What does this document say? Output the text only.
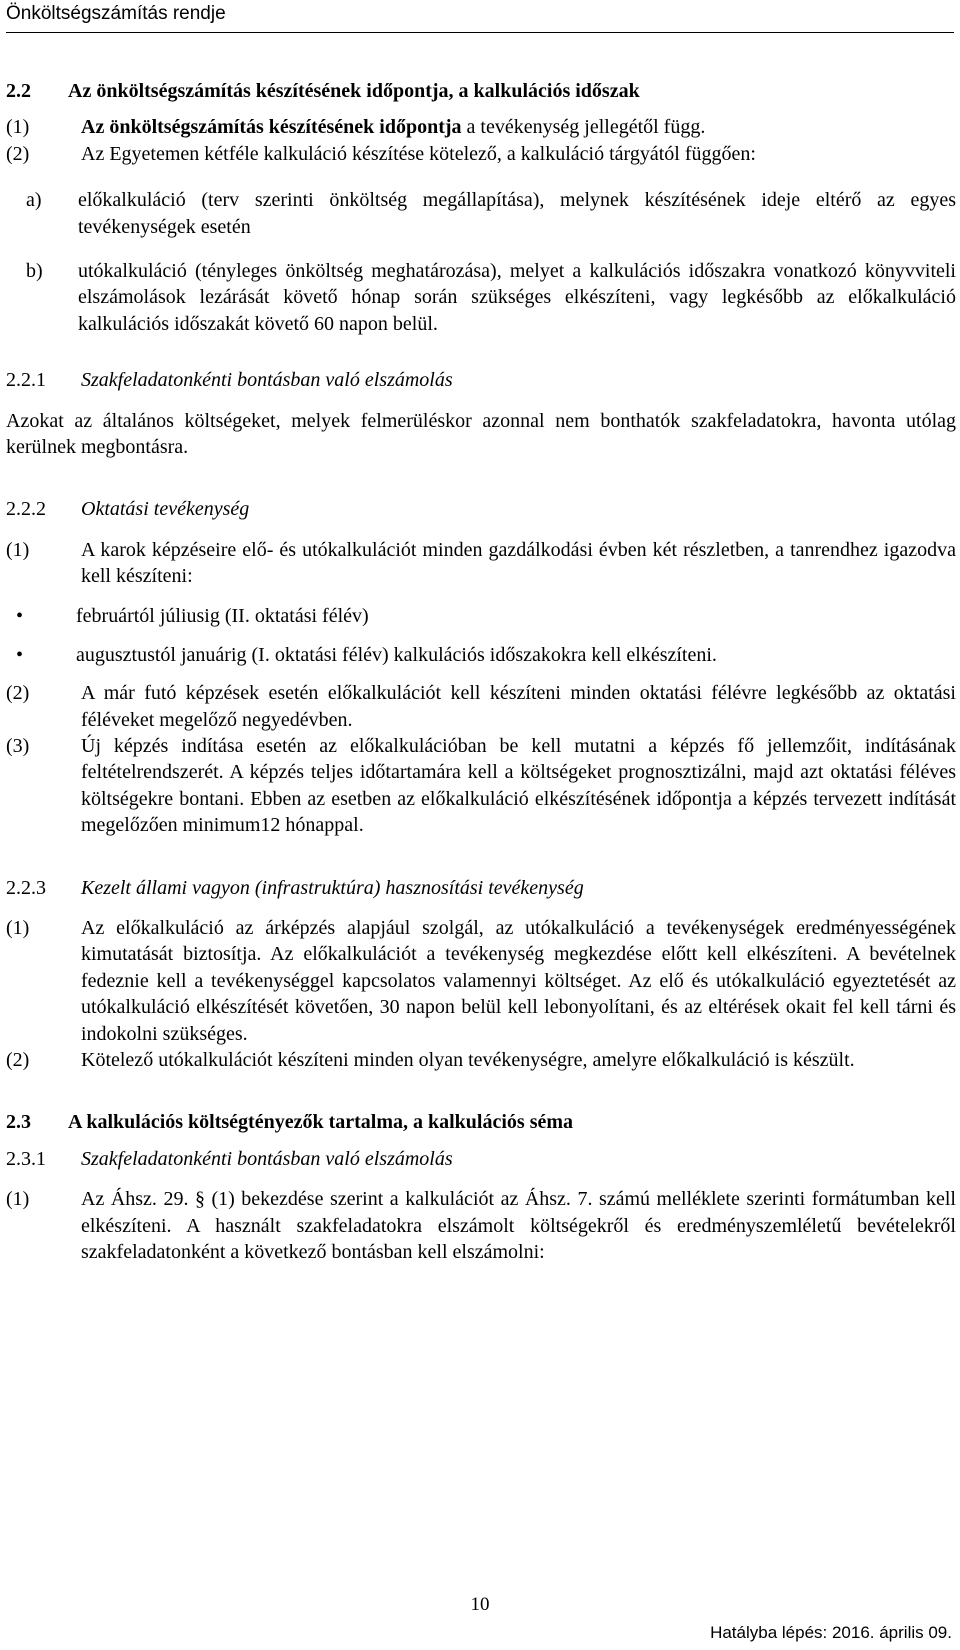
Önköltségszámítás rendje

2.2 Az önköltségszámítás készítésének időpontja, a kalkulációs időszak

(1)	Az önköltségszámítás készítésének időpontja a tevékenység jellegétől függ.
(2)	Az Egyetemen kétféle kalkuláció készítése kötelező, a kalkuláció tárgyától függően:
a)	előkalkuláció (terv szerinti önköltség megállapítása), melynek készítésének ideje eltérő az egyes tevékenységek esetén
b)	utókalkuláció (tényleges önköltség meghatározása), melyet a kalkulációs időszakra vonatkozó könyvviteli elszámolások lezárását követő hónap során szükséges elkészíteni, vagy legkésőbb az előkalkuláció kalkulációs időszakát követő 60 napon belül.

2.2.1 Szakfeladatonkénti bontásban való elszámolás

Azokat az általános költségeket, melyek felmerüléskor azonnal nem bonthatók szakfeladatokra, havonta utólag kerülnek megbontásra.

2.2.2 Oktatási tevékenység

(1)	A karok képzéseire elő- és utókalkulációt minden gazdálkodási évben két részletben, a tanrendhez igazodva kell készíteni:
•	februártól júliusig (II. oktatási félév)
•	augusztustól januárig (I. oktatási félév) kalkulációs időszakokra kell elkészíteni.
(2)	A már futó képzések esetén előkalkulációt kell készíteni minden oktatási félévre legkésőbb az oktatási féléveket megelőző negyedévben.
(3)	Új képzés indítása esetén az előkalkulációban be kell mutatni a képzés fő jellemzőit, indításának feltételrendszerét. A képzés teljes időtartamára kell a költségeket prognosztizálni, majd azt oktatási féléves költségekre bontani. Ebben az esetben az előkalkuláció elkészítésének időpontja a képzés tervezett indítását megelőzően minimum12 hónappal.

2.2.3 Kezelt állami vagyon (infrastruktúra) hasznosítási tevékenység

(1)	Az előkalkuláció az árképzés alapjául szolgál, az utókalkuláció a tevékenységek eredményességének kimutatását biztosítja. Az előkalkulációt a tevékenység megkezdése előtt kell elkészíteni. A bevételnek fedeznie kell a tevékenységgel kapcsolatos valamennyi költséget. Az elő és utókalkuláció egyeztetését az utókalkuláció elkészítését követően, 30 napon belül kell lebonyolítani, és az eltérések okait fel kell tárni és indokolni szükséges.
(2)	Kötelező utókalkulációt készíteni minden olyan tevékenységre, amelyre előkalkuláció is készült.

2.3 A kalkulációs költségtényezők tartalma, a kalkulációs séma

2.3.1 Szakfeladatonkénti bontásban való elszámolás

(1)	Az Áhsz. 29. § (1) bekezdése szerint a kalkulációt az Áhsz. 7. számú melléklete szerinti formátumban kell elkészíteni. A használt szakfeladatokra elszámolt költségekről és eredményszemléletű bevételekről szakfeladatonként a következő bontásban kell elszámolni:
10
Hatályba lépés: 2016. április 09.
